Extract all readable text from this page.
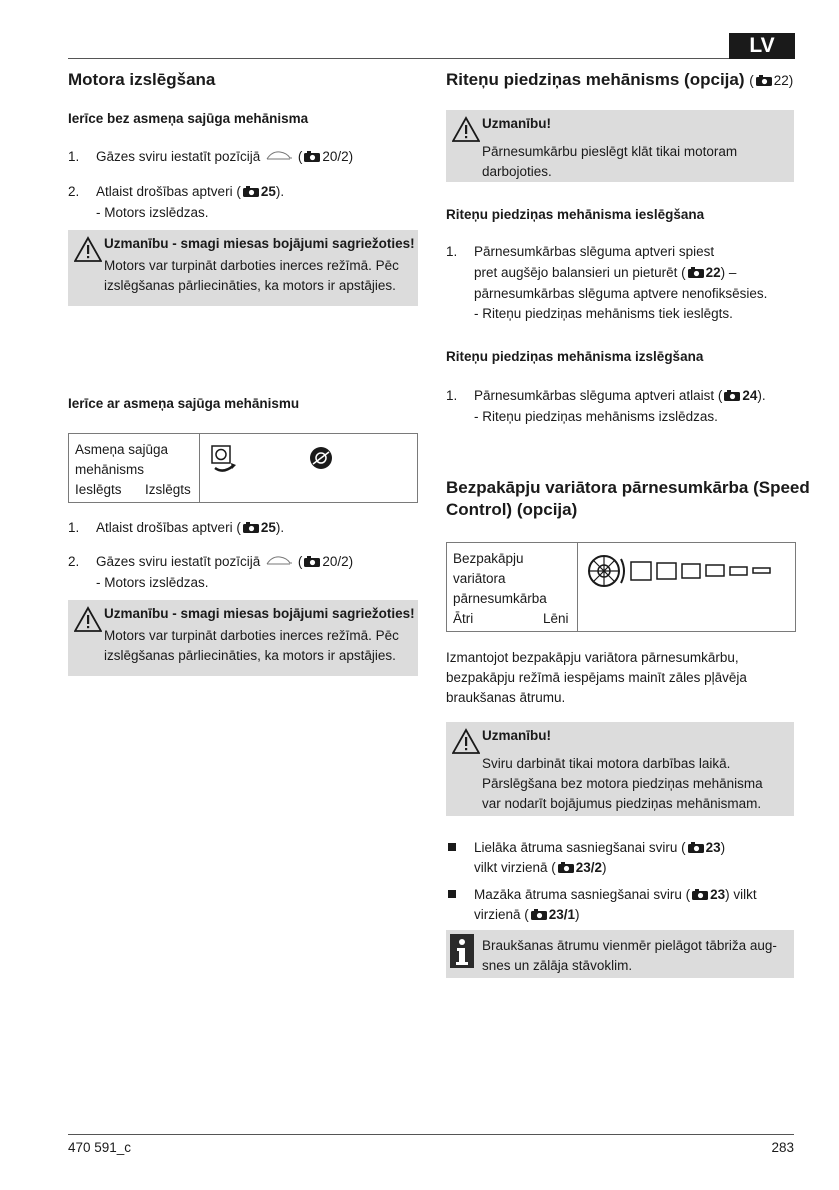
LV
Motora izslēgšana
Ierīce bez asmeņa sajūga mehānisma
1. Gāzes sviru iestatīt pozīcijā	( 20/2)
2. Atlaist drošības aptveri ( 25).
- Motors izslēdzas.
Uzmanību - smagi miesas bojājumi sagriežoties!
Motors var turpināt darboties inerces režīmā. Pēc
izslēgšanas pārliecināties, ka motors ir apstājies.
Ierīce ar asmeņa sajūga mehānismu
Asmeņa sajūga
mehānisms
Ieslēgts Izslēgts
1. Atlaist drošības aptveri ( 25).
2. Gāzes sviru iestatīt pozīcijā	( 20/2)
- Motors izslēdzas.
Uzmanību - smagi miesas bojājumi sagriežoties!
Motors var turpināt darboties inerces režīmā. Pēc
izslēgšanas pārliecināties, ka motors ir apstājies.
Riteņu piedziņas mehānisms (opcija) ( 22)
Uzmanību!
Pārnesumkārbu pieslēgt klāt tikai motoram
darbojoties.
Riteņu piedziņas mehānisma ieslēgšana
1. Pārnesumkārbas slēguma aptveri spiest
pret augšējo balansieri un pieturēt ( 22) –
pārnesumkārbas slēguma aptvere nenofiksēsies.
- Riteņu piedziņas mehānisms tiek ieslēgts.
Riteņu piedziņas mehānisma izslēgšana
1. Pārnesumkārbas slēguma aptveri atlaist ( 24).
- Riteņu piedziņas mehānisms izslēdzas.
Bezpakāpju variātora pārnesumkārba (Speed
Control) (opcija)
Bezpakāpju
variātora
pārnesumkārba
Ātri	Lēni
Izmantojot bezpakāpju variātora pārnesumkārbu,
bezpakāpju režīmā iespējams mainīt zāles pļāvēja
braukšanas ātrumu.
Uzmanību!
Sviru darbināt tikai motora darbības laikā.
Pārslēgšana bez motora piedziņas mehānisma
var nodarīt bojājumus piedziņas mehānismam.
Lielāka ātruma sasniegšanai sviru ( 23)
vilkt virzienā ( 23/2)
Mazāka ātruma sasniegšanai sviru ( 23) vilkt
virzienā ( 23/1)
Braukšanas ātrumu vienmēr pielāgot tābriža aug-
snes un zālāja stāvoklim.
470 591_c	283
